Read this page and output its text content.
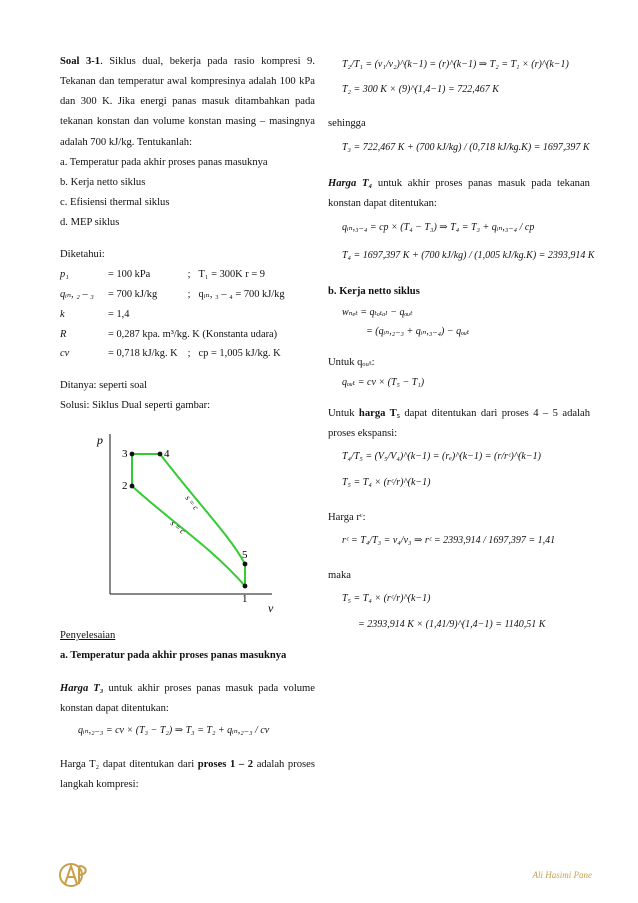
Soal 3-1. Siklus dual, bekerja pada rasio kompresi 9. Tekanan dan temperatur awal kompresinya adalah 100 kPa dan 300 K. Jika energi panas masuk ditambahkan pada tekanan konstan dan volume konstan masing – masingnya adalah 700 kJ/kg. Tentukanlah:

a. Temperatur pada akhir proses panas masuknya

b. Kerja netto siklus

c. Efisiensi thermal siklus

d. MEP siklus

Diketahui:

p₁	= 100 kPa	;	T₁ = 300K r = 9
qᵢₙ, ₂ – ₃	= 700 kJ/kg	;	qᵢₙ, ₃ – ₄ = 700 kJ/kg
k	= 1,4		
R	= 0,287 kpa. m³/kg. K (Konstanta udara)		
cv	= 0,718 kJ/kg. K	;	cp = 1,005 kJ/kg. K

Ditanya: seperti soal

Solusi: Siklus Dual seperti gambar:

p
v
3	4
2
5
1
s = c
s = c

Penyelesaian

a. Temperatur pada akhir proses panas masuknya

Harga T₃ untuk akhir proses panas masuk pada volume konstan dapat ditentukan:

qᵢₙ,₂₋₃ = cv × (T₃ − T₂) ⇒ T₃ = T₂ + qᵢₙ,₂₋₃ / cv

Harga T₂ dapat ditentukan dari proses 1 – 2 adalah proses langkah kompresi:

T₂/T₁ = (v₁/v₂)^(k−1) = (r)^(k−1) ⇒ T₂ = T₁ × (r)^(k−1)

T₂ = 300 K × (9)^(1,4−1) = 722,467 K

sehingga

T₃ = 722,467 K + (700 kJ/kg) / (0,718 kJ/kg.K) = 1697,397 K

Harga T₄ untuk akhir proses panas masuk pada tekanan konstan dapat ditentukan:

qᵢₙ,₃₋₄ = cp × (T₄ − T₃) ⇒ T₄ = T₃ + qᵢₙ,₃₋₄ / cp

T₄ = 1697,397 K + (700 kJ/kg) / (1,005 kJ/kg.K) = 2393,914 K

b. Kerja netto siklus

wₙₑₜ = qₜₒₜₐₗ − qₒᵤₜ

= (qᵢₙ,₂₋₃ + qᵢₙ,₃₋₄) − qₒᵤₜ

Untuk qₒᵤₜ:

qₒᵤₜ = cv × (T₅ − T₁)

Untuk harga T₅ dapat ditentukan dari proses 4 – 5 adalah proses ekspansi:

T₄/T₅ = (V₅/V₄)^(k−1) = (rₑ)^(k−1) = (r/rᶜ)^(k−1)

T₅ = T₄ × (rᶜ/r)^(k−1)

Harga rᶜ:

rᶜ = T₄/T₃ = v₄/v₃ ⇒ rᶜ = 2393,914 / 1697,397 = 1,41

maka

T₅ = T₄ × (rᶜ/r)^(k−1)

= 2393,914 K × (1,41/9)^(1,4−1) = 1140,51 K

Ali Hasimi Pane
